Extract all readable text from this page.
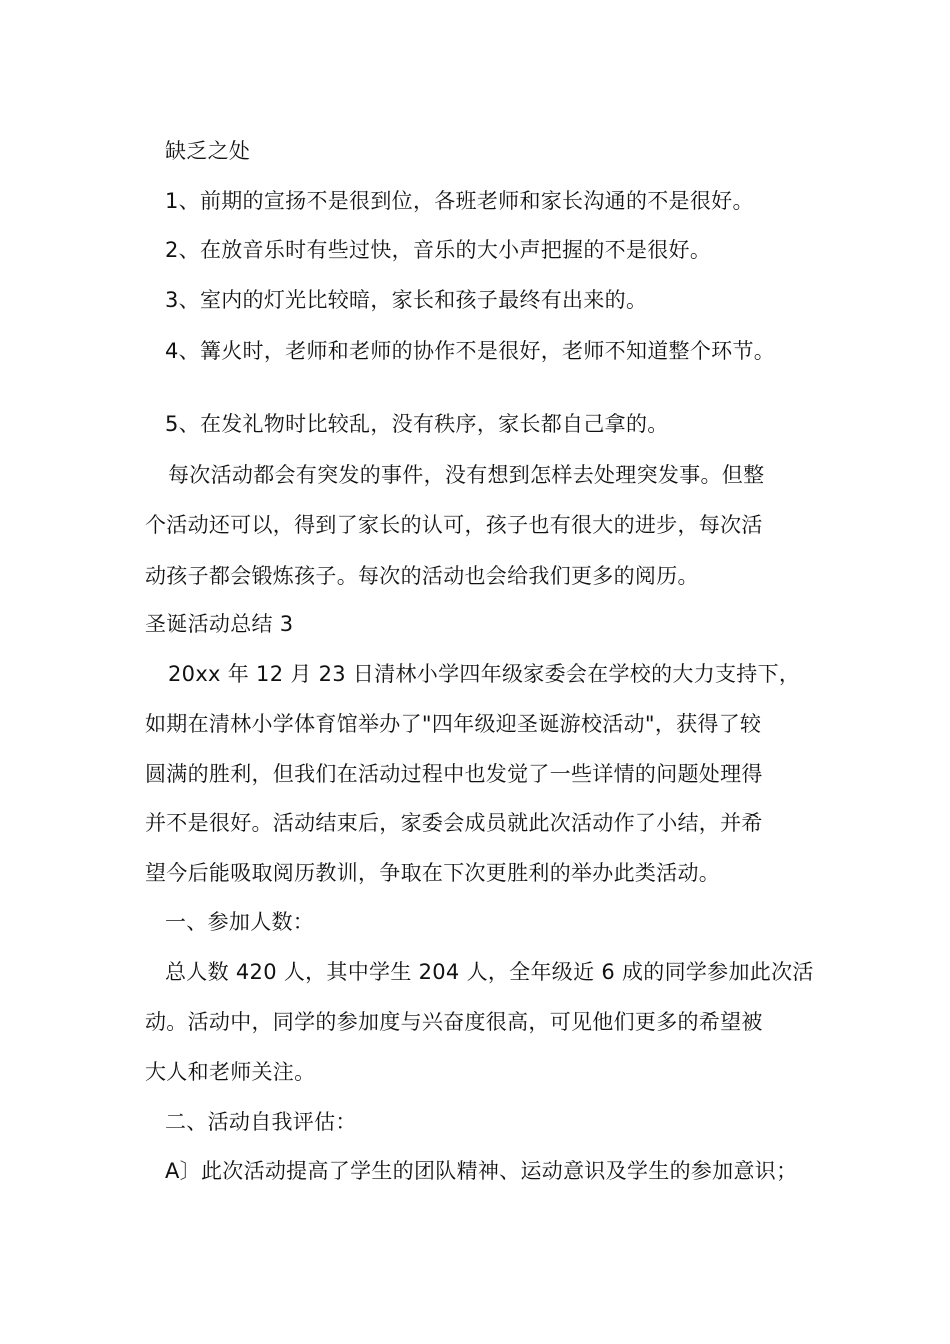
缺乏之处
1、前期的宣扬不是很到位，各班老师和家长沟通的不是很好。
2、在放音乐时有些过快，音乐的大小声把握的不是很好。
3、室内的灯光比较暗，家长和孩子最终有出来的。
4、篝火时，老师和老师的协作不是很好，老师不知道整个环节。
5、在发礼物时比较乱，没有秩序，家长都自己拿的。
每次活动都会有突发的事件，没有想到怎样去处理突发事。但整
个活动还可以，得到了家长的认可，孩子也有很大的进步，每次活
动孩子都会锻炼孩子。每次的活动也会给我们更多的阅历。
圣诞活动总结 3
20xx 年 12 月 23 日清林小学四年级家委会在学校的大力支持下，
如期在清林小学体育馆举办了"四年级迎圣诞游校活动"，获得了较
圆满的胜利，但我们在活动过程中也发觉了一些详情的问题处理得
并不是很好。活动结束后，家委会成员就此次活动作了小结，并希
望今后能吸取阅历教训，争取在下次更胜利的举办此类活动。
一、参加人数：
总人数 420 人，其中学生 204 人，全年级近 6 成的同学参加此次活
动。活动中，同学的参加度与兴奋度很高，可见他们更多的希望被
大人和老师关注。
二、活动自我评估：
A〕此次活动提高了学生的团队精神、运动意识及学生的参加意识；
